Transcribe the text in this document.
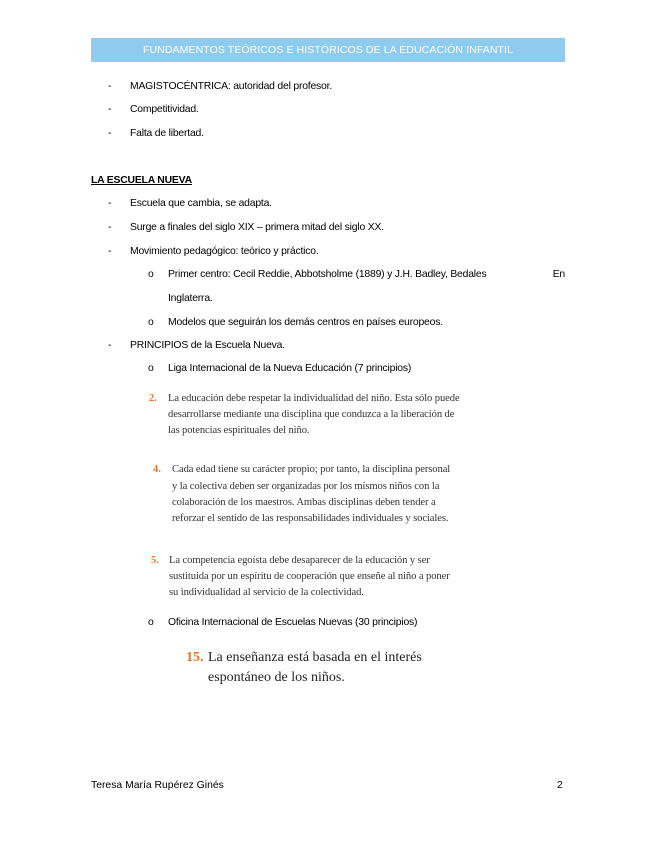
FUNDAMENTOS TEÓRICOS E HISTÓRICOS DE LA EDUCACIÓN INFANTIL
- MAGISTOCÉNTRICA: autoridad del profesor.
- Competitividad.
- Falta de libertad.
LA ESCUELA NUEVA
- Escuela que cambia, se adapta.
- Surge a finales del siglo XIX – primera mitad del siglo XX.
- Movimiento pedagógico: teórico y práctico.
o Primer centro: Cecil Reddie, Abbotsholme (1889) y J.H. Badley, Bedales	En
Inglaterra.
o Modelos que seguirán los demás centros en países europeos.
- PRINCIPIOS de la Escuela Nueva.
o Liga Internacional de la Nueva Educación (7 principios)
2. La educación debe respetar la individualidad del niño. Esta sólo puede
desarrollarse mediante una disciplina que conduzca a la liberación de
las potencias espirituales del niño.
4. Cada edad tiene su carácter propio; por tanto, la disciplina personal
y la colectiva deben ser organizadas por los mismos niños con la
colaboración de los maestros. Ambas disciplinas deben tender a
reforzar el sentido de las responsabilidades individuales y sociales.
5. La competencia egoísta debe desaparecer de la educación y ser
sustituida por un espíritu de cooperación que enseñe al niño a poner
su individualidad al servicio de la colectividad.
o Oficina Internacional de Escuelas Nuevas (30 principios)
15. La enseñanza está basada en el interés
espontáneo de los niños.
Teresa María Rupérez Ginés	2
